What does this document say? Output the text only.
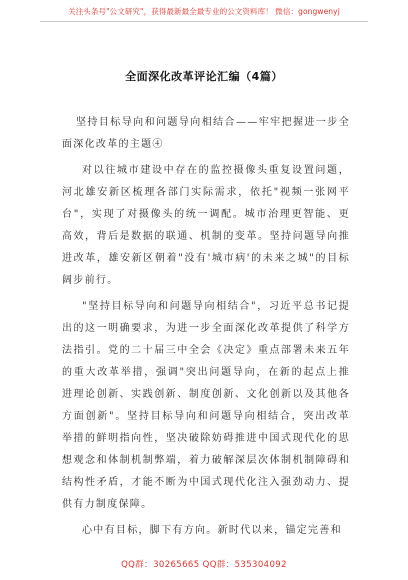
关注头条号"公文研究"，获得最新最全最专业的公文资料库！ 微信：gongwenyj
全面深化改革评论汇编（4篇）

坚持目标导向和问题导向相结合——牢牢把握进一步全面深化改革的主题④

对以往城市建设中存在的监控摄像头重复设置问题，河北雄安新区梳理各部门实际需求，依托"视频一张网平台"，实现了对摄像头的统一调配。城市治理更智能、更高效，背后是数据的联通、机制的变革。坚持问题导向推进改革，雄安新区朝着"没有'城市病'的未来之城"的目标阔步前行。

"坚持目标导向和问题导向相结合"，习近平总书记提出的这一明确要求，为进一步全面深化改革提供了科学方法指引。党的二十届三中全会《决定》重点部署未来五年的重大改革举措，强调"突出问题导向，在新的起点上推进理论创新、实践创新、制度创新、文化创新以及其他各方面创新"。坚持目标导向和问题导向相结合，突出改革举措的鲜明指向性，坚决破除妨碍推进中国式现代化的思想观念和体制机制弊端，着力破解深层次体制机制障碍和结构性矛盾，才能不断为中国式现代化注入强劲动力、提供有力制度保障。

心中有目标，脚下有方向。新时代以来，锚定完善和

QQ群：30265665 QQ群：535304092
